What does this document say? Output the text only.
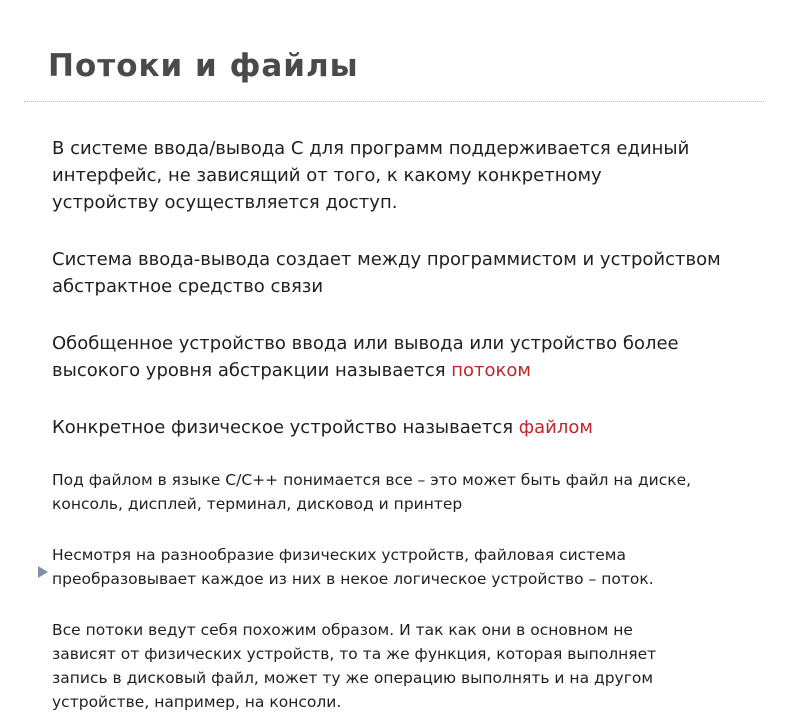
Потоки и файлы

В системе ввода/вывода С для программ поддерживается единый
интерфейс, не зависящий от того, к какому конкретному
устройству осуществляется доступ.

Система ввода-вывода создает между программистом и устройством
абстрактное средство связи

Обобщенное устройство ввода или вывода или устройство более
высокого уровня абстракции называется потоком

Конкретное физическое устройство называется файлом

Под файлом в языке С/С++ понимается все – это может быть файл на диске,
консоль, дисплей, терминал, дисковод и принтер

Несмотря на разнообразие физических устройств, файловая система
преобразовывает каждое из них в некое логическое устройство – поток.

Все потоки ведут себя похожим образом. И так как они в основном не
зависят от физических устройств, то та же функция, которая выполняет
запись в дисковый файл, может ту же операцию выполнять и на другом
устройстве, например, на консоли.
